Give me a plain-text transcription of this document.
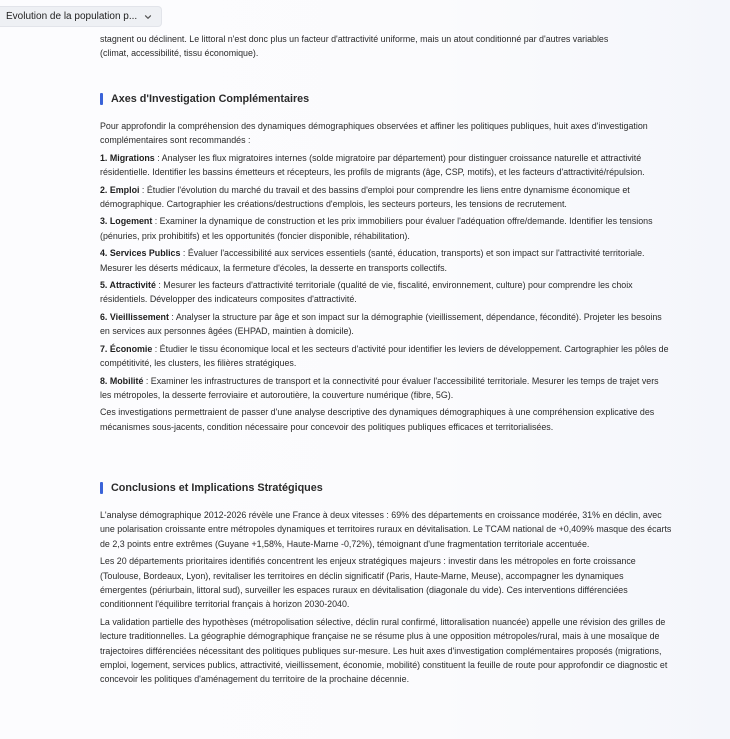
Évolution de la population p...
stagnent ou déclinent. Le littoral n'est donc plus un facteur d'attractivité uniforme, mais un atout conditionné par d'autres variables
(climat, accessibilité, tissu économique).
Axes d'Investigation Complémentaires

Pour approfondir la compréhension des dynamiques démographiques observées et affiner les politiques publiques, huit axes d'investigation complémentaires sont recommandés :

1. Migrations : Analyser les flux migratoires internes (solde migratoire par département) pour distinguer croissance naturelle et attractivité résidentielle. Identifier les bassins émetteurs et récepteurs, les profils de migrants (âge, CSP, motifs), et les facteurs d'attractivité/répulsion.

2. Emploi : Étudier l'évolution du marché du travail et des bassins d'emploi pour comprendre les liens entre dynamisme économique et démographique. Cartographier les créations/destructions d'emplois, les secteurs porteurs, les tensions de recrutement.

3. Logement : Examiner la dynamique de construction et les prix immobiliers pour évaluer l'adéquation offre/demande. Identifier les tensions (pénuries, prix prohibitifs) et les opportunités (foncier disponible, réhabilitation).

4. Services Publics : Évaluer l'accessibilité aux services essentiels (santé, éducation, transports) et son impact sur l'attractivité territoriale. Mesurer les déserts médicaux, la fermeture d'écoles, la desserte en transports collectifs.

5. Attractivité : Mesurer les facteurs d'attractivité territoriale (qualité de vie, fiscalité, environnement, culture) pour comprendre les choix résidentiels. Développer des indicateurs composites d'attractivité.

6. Vieillissement : Analyser la structure par âge et son impact sur la démographie (vieillissement, dépendance, fécondité). Projeter les besoins en services aux personnes âgées (EHPAD, maintien à domicile).

7. Économie : Étudier le tissu économique local et les secteurs d'activité pour identifier les leviers de développement. Cartographier les pôles de compétitivité, les clusters, les filières stratégiques.

8. Mobilité : Examiner les infrastructures de transport et la connectivité pour évaluer l'accessibilité territoriale. Mesurer les temps de trajet vers les métropoles, la desserte ferroviaire et autoroutière, la couverture numérique (fibre, 5G).

Ces investigations permettraient de passer d'une analyse descriptive des dynamiques démographiques à une compréhension explicative des mécanismes sous-jacents, condition nécessaire pour concevoir des politiques publiques efficaces et territorialisées.

Conclusions et Implications Stratégiques

L'analyse démographique 2012-2026 révèle une France à deux vitesses : 69% des départements en croissance modérée, 31% en déclin, avec une polarisation croissante entre métropoles dynamiques et territoires ruraux en dévitalisation. Le TCAM national de +0,409% masque des écarts de 2,3 points entre extrêmes (Guyane +1,58%, Haute-Marne -0,72%), témoignant d'une fragmentation territoriale accentuée.

Les 20 départements prioritaires identifiés concentrent les enjeux stratégiques majeurs : investir dans les métropoles en forte croissance (Toulouse, Bordeaux, Lyon), revitaliser les territoires en déclin significatif (Paris, Haute-Marne, Meuse), accompagner les dynamiques émergentes (périurbain, littoral sud), surveiller les espaces ruraux en dévitalisation (diagonale du vide). Ces interventions différenciées conditionnent l'équilibre territorial français à horizon 2030-2040.

La validation partielle des hypothèses (métropolisation sélective, déclin rural confirmé, littoralisation nuancée) appelle une révision des grilles de lecture traditionnelles. La géographie démographique française ne se résume plus à une opposition métropoles/rural, mais à une mosaïque de trajectoires différenciées nécessitant des politiques publiques sur-mesure. Les huit axes d'investigation complémentaires proposés (migrations, emploi, logement, services publics, attractivité, vieillissement, économie, mobilité) constituent la feuille de route pour approfondir ce diagnostic et concevoir les politiques d'aménagement du territoire de la prochaine décennie.
